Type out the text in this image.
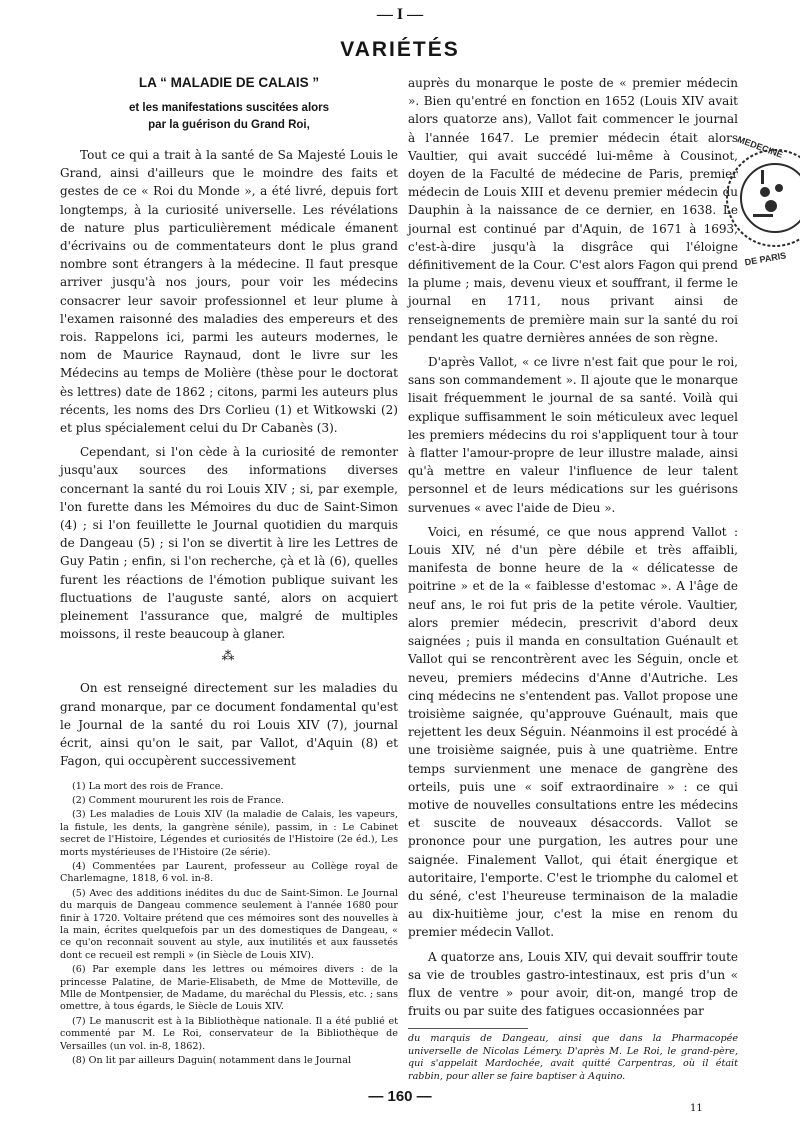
— I —
VARIÉTÉS
LA “ MALADIE DE CALAIS ”
et les manifestations suscitées alors
par la guérison du Grand Roi,

Tout ce qui a trait à la santé de Sa Majesté Louis le Grand, ainsi d'ailleurs que le moindre des faits et gestes de ce « Roi du Monde », a été livré, depuis fort longtemps, à la curiosité universelle. Les révélations de nature plus particulièrement médicale émanent d'écrivains ou de commentateurs dont le plus grand nombre sont étrangers à la médecine. Il faut presque arriver jusqu'à nos jours, pour voir les médecins consacrer leur savoir professionnel et leur plume à l'examen raisonné des maladies des empereurs et des rois. Rappelons ici, parmi les auteurs modernes, le nom de Maurice Raynaud, dont le livre sur les Médecins au temps de Molière (thèse pour le doctorat ès lettres) date de 1862 ; citons, parmi les auteurs plus récents, les noms des Drs Corlieu (1) et Witkowski (2) et plus spécialement celui du Dr Cabanès (3).

Cependant, si l'on cède à la curiosité de remonter jusqu'aux sources des informations diverses concernant la santé du roi Louis XIV ; si, par exemple, l'on furette dans les Mémoires du duc de Saint-Simon (4) ; si l'on feuillette le Journal quotidien du marquis de Dangeau (5) ; si l'on se divertit à lire les Lettres de Guy Patin ; enfin, si l'on recherche, çà et là (6), quelles furent les réactions de l'émotion publique suivant les fluctuations de l'auguste santé, alors on acquiert pleinement l'assurance que, malgré de multiples moissons, il reste beaucoup à glaner.

⁂

On est renseigné directement sur les maladies du grand monarque, par ce document fondamental qu'est le Journal de la santé du roi Louis XIV (7), journal écrit, ainsi qu'on le sait, par Vallot, d'Aquin (8) et Fagon, qui occupèrent successivement

(1) La mort des rois de France.

(2) Comment moururent les rois de France.

(3) Les maladies de Louis XIV (la maladie de Calais, les vapeurs, la fistule, les dents, la gangrène sénile), passim, in : Le Cabinet secret de l'Histoire, Légendes et curiosités de l'Histoire (2e éd.), Les morts mystérieuses de l'Histoire (2e série).

(4) Commentées par Laurent, professeur au Collège royal de Charlemagne, 1818, 6 vol. in-8.

(5) Avec des additions inédites du duc de Saint-Simon. Le Journal du marquis de Dangeau commence seulement à l'année 1680 pour finir à 1720. Voltaire prétend que ces mémoires sont des nouvelles à la main, écrites quelquefois par un des domestiques de Dangeau, « ce qu'on reconnait souvent au style, aux inutilités et aux faussetés dont ce recueil est rempli » (in Siècle de Louis XIV).

(6) Par exemple dans les lettres ou mémoires divers : de la princesse Palatine, de Marie-Elisabeth, de Mme de Motteville, de Mlle de Montpensier, de Madame, du maréchal du Plessis, etc. ; sans omettre, à tous égards, le Siècle de Louis XIV.

(7) Le manuscrit est à la Bibliothèque nationale. Il a été publié et commenté par M. Le Roi, conservateur de la Bibliothèque de Versailles (un vol. in-8, 1862).

(8) On lit par ailleurs Daguin( notamment dans le Journal

auprès du monarque le poste de « premier médecin ». Bien qu'entré en fonction en 1652 (Louis XIV avait alors quatorze ans), Vallot fait commencer le journal à l'année 1647. Le premier médecin était alors Vaultier, qui avait succédé lui-même à Cousinot, doyen de la Faculté de médecine de Paris, premier médecin de Louis XIII et devenu premier médecin du Dauphin à la naissance de ce dernier, en 1638. Le journal est continué par d'Aquin, de 1671 à 1693, c'est-à-dire jusqu'à la disgrâce qui l'éloigne définitivement de la Cour. C'est alors Fagon qui prend la plume ; mais, devenu vieux et souffrant, il ferme le journal en 1711, nous privant ainsi de renseignements de première main sur la santé du roi pendant les quatre dernières années de son règne.

D'après Vallot, « ce livre n'est fait que pour le roi, sans son commandement ». Il ajoute que le monarque lisait fréquemment le journal de sa santé. Voilà qui explique suffisamment le soin méticuleux avec lequel les premiers médecins du roi s'appliquent tour à tour à flatter l'amour-propre de leur illustre malade, ainsi qu'à mettre en valeur l'influence de leur talent personnel et de leurs médications sur les guérisons survenues « avec l'aide de Dieu ».

Voici, en résumé, ce que nous apprend Vallot : Louis XIV, né d'un père débile et très affaibli, manifesta de bonne heure de la « délicatesse de poitrine » et de la « faiblesse d'estomac ». A l'âge de neuf ans, le roi fut pris de la petite vérole. Vaultier, alors premier médecin, prescrivit d'abord deux saignées ; puis il manda en consultation Guénault et Vallot qui se rencontrèrent avec les Séguin, oncle et neveu, premiers médecins d'Anne d'Autriche. Les cinq médecins ne s'entendent pas. Vallot propose une troisième saignée, qu'approuve Guénault, mais que rejettent les deux Séguin. Néanmoins il est procédé à une troisième saignée, puis à une quatrième. Entre temps survienment une menace de gangrène des orteils, puis une « soif extraordinaire » : ce qui motive de nouvelles consultations entre les médecins et suscite de nouveaux désaccords. Vallot se prononce pour une purgation, les autres pour une saignée. Finalement Vallot, qui était énergique et autoritaire, l'emporte. C'est le triomphe du calomel et du séné, c'est l'heureuse terminaison de la maladie au dix-huitième jour, c'est la mise en renom du premier médecin Vallot.

A quatorze ans, Louis XIV, qui devait souffrir toute sa vie de troubles gastro-intestinaux, est pris d'un « flux de ventre » pour avoir, dit-on, mangé trop de fruits ou par suite des fatigues occasionnées par

du marquis de Dangeau, ainsi que dans la Pharmacopée universelle de Nicolas Lémery. D'après M. Le Roi, le grand-père, qui s'appelait Mardochée, avait quitté Carpentras, où il était rabbin, pour aller se faire baptiser à Aquino.

MEDECINE
DE PARIS
— 160 —
11
